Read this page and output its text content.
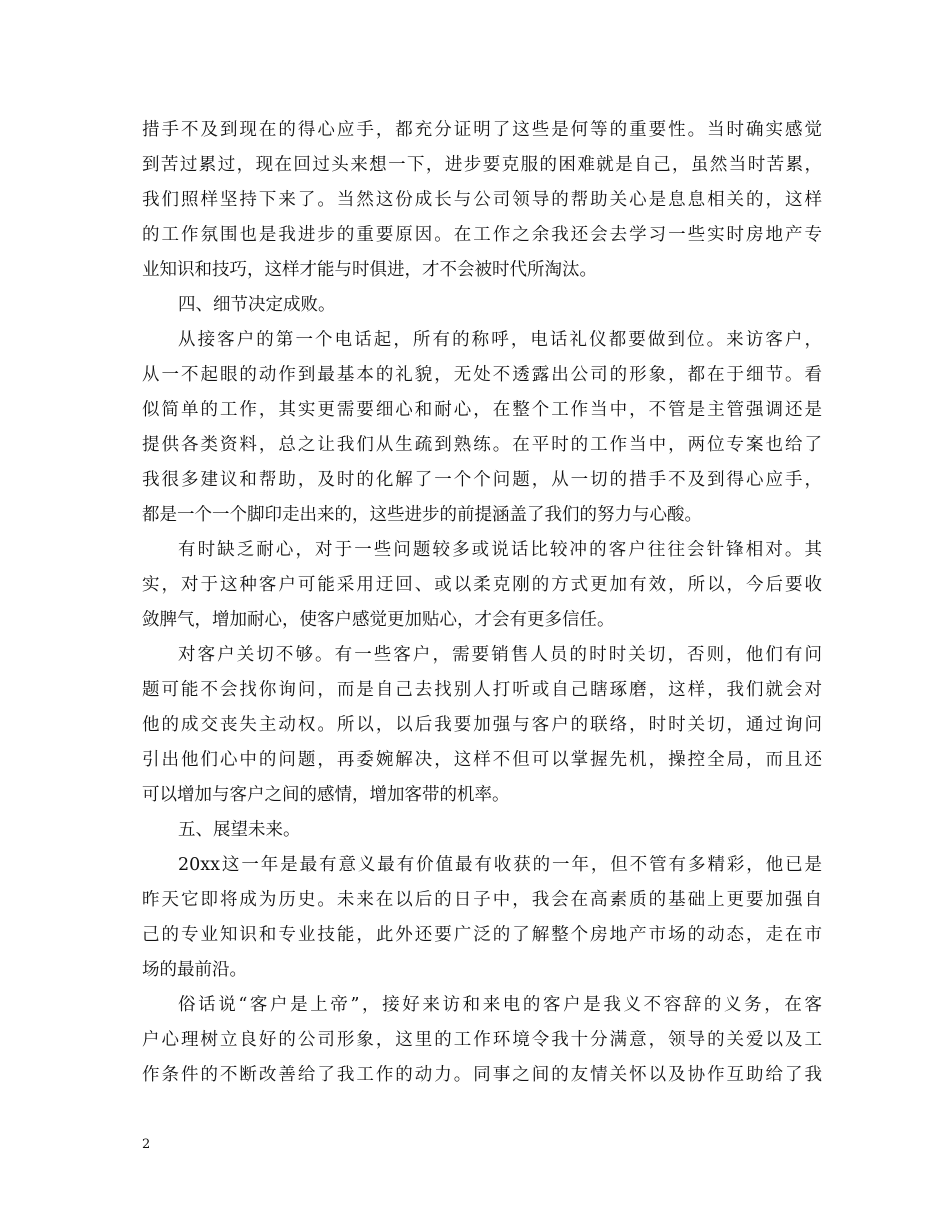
措手不及到现在的得心应手，都充分证明了这些是何等的重要性。当时确实感觉
到苦过累过，现在回过头来想一下，进步要克服的困难就是自己，虽然当时苦累，
我们照样坚持下来了。当然这份成长与公司领导的帮助关心是息息相关的，这样
的工作氛围也是我进步的重要原因。在工作之余我还会去学习一些实时房地产专
业知识和技巧，这样才能与时俱进，才不会被时代所淘汰。
四、细节决定成败。
从接客户的第一个电话起，所有的称呼，电话礼仪都要做到位。来访客户，
从一不起眼的动作到最基本的礼貌，无处不透露出公司的形象，都在于细节。看
似简单的工作，其实更需要细心和耐心，在整个工作当中，不管是主管强调还是
提供各类资料，总之让我们从生疏到熟练。在平时的工作当中，两位专案也给了
我很多建议和帮助，及时的化解了一个个问题，从一切的措手不及到得心应手，
都是一个一个脚印走出来的，这些进步的前提涵盖了我们的努力与心酸。
有时缺乏耐心，对于一些问题较多或说话比较冲的客户往往会针锋相对。其
实，对于这种客户可能采用迂回、或以柔克刚的方式更加有效，所以，今后要收
敛脾气，增加耐心，使客户感觉更加贴心，才会有更多信任。
对客户关切不够。有一些客户，需要销售人员的时时关切，否则，他们有问
题可能不会找你询问，而是自己去找别人打听或自己瞎琢磨，这样，我们就会对
他的成交丧失主动权。所以，以后我要加强与客户的联络，时时关切，通过询问
引出他们心中的问题，再委婉解决，这样不但可以掌握先机，操控全局，而且还
可以增加与客户之间的感情，增加客带的机率。
五、展望未来。
20xx这一年是最有意义最有价值最有收获的一年，但不管有多精彩，他已是
昨天它即将成为历史。未来在以后的日子中，我会在高素质的基础上更要加强自
己的专业知识和专业技能，此外还要广泛的了解整个房地产市场的动态，走在市
场的最前沿。
俗话说“客户是上帝”，接好来访和来电的客户是我义不容辞的义务，在客
户心理树立良好的公司形象，这里的工作环境令我十分满意，领导的关爱以及工
作条件的不断改善给了我工作的动力。同事之间的友情关怀以及协作互助给了我
2
